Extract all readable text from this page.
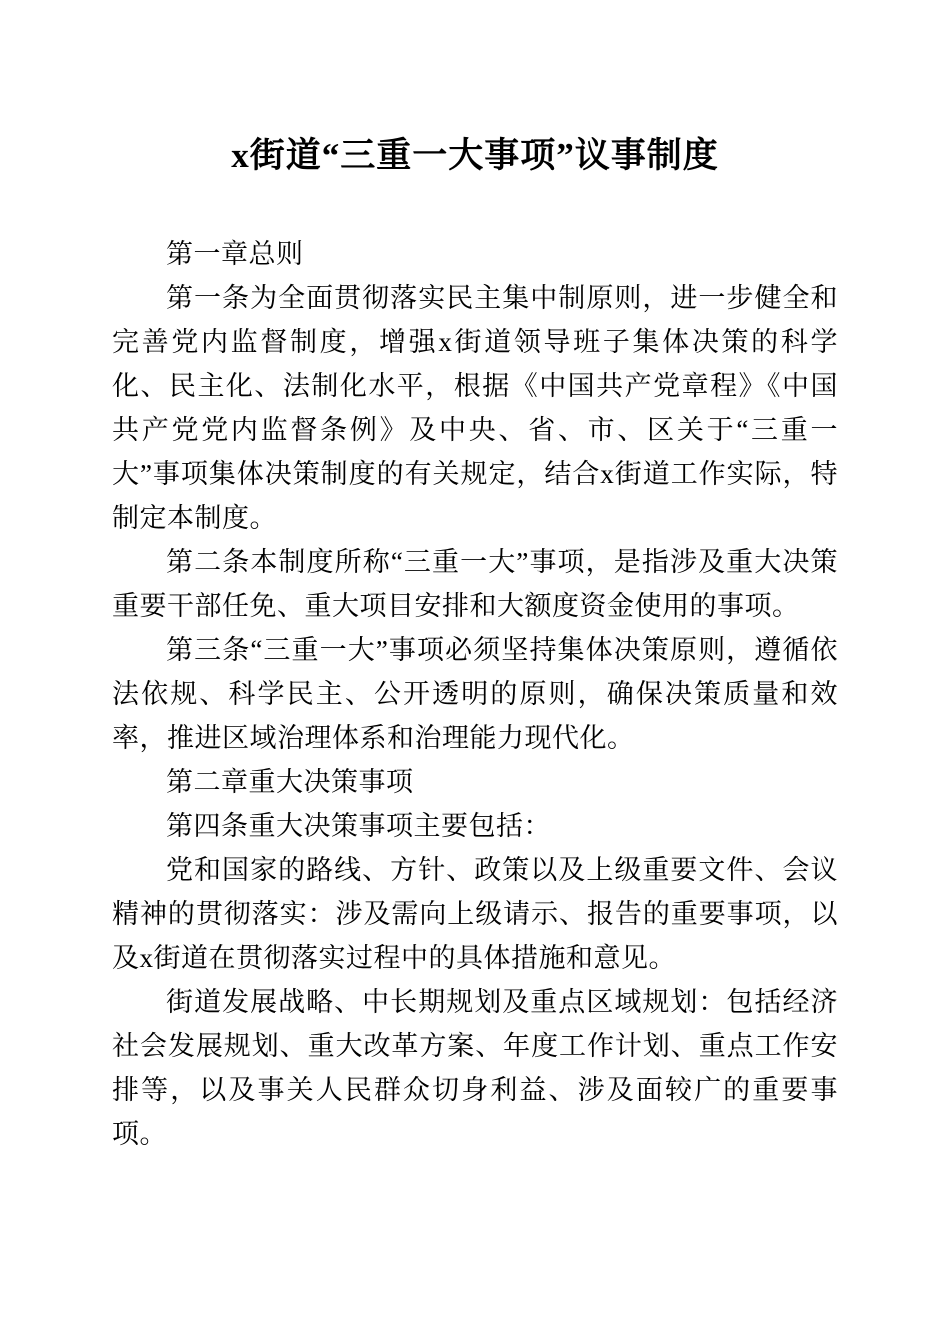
x街道“三重一大事项”议事制度

第一章总则

第一条为全面贯彻落实民主集中制原则，进一步健全和完善党内监督制度，增强x街道领导班子集体决策的科学化、民主化、法制化水平，根据《中国共产党章程》《中国共产党党内监督条例》及中央、省、市、区关于“三重一大”事项集体决策制度的有关规定，结合x街道工作实际，特制定本制度。

第二条本制度所称“三重一大”事项，是指涉及重大决策重要干部任免、重大项目安排和大额度资金使用的事项。

第三条“三重一大”事项必须坚持集体决策原则，遵循依法依规、科学民主、公开透明的原则，确保决策质量和效率，推进区域治理体系和治理能力现代化。

第二章重大决策事项

第四条重大决策事项主要包括：

党和国家的路线、方针、政策以及上级重要文件、会议精神的贯彻落实：涉及需向上级请示、报告的重要事项，以及x街道在贯彻落实过程中的具体措施和意见。

街道发展战略、中长期规划及重点区域规划：包括经济社会发展规划、重大改革方案、年度工作计划、重点工作安排等，以及事关人民群众切身利益、涉及面较广的重要事项。
